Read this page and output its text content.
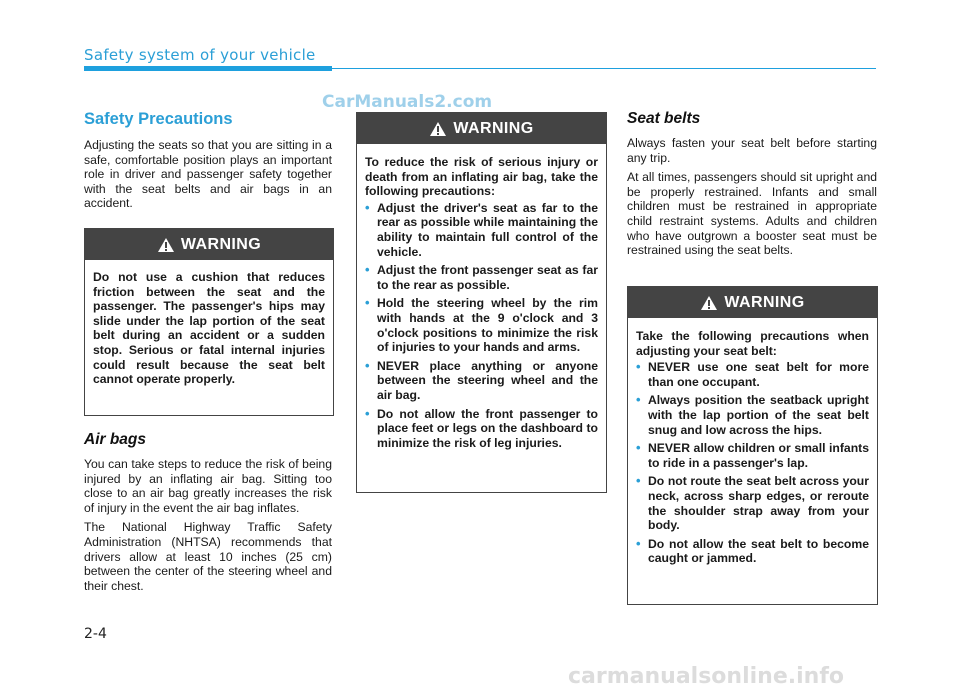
Safety system of your vehicle
CarManuals2.com
Safety Precautions

Adjusting the seats so that you are sitting in a safe, comfortable position plays an important role in driver and passenger safety together with the seat belts and air bags in an accident.

WARNING

Do not use a cushion that reduces friction between the seat and the passenger. The passenger's hips may slide under the lap portion of the seat belt during an accident or a sudden stop. Serious or fatal internal injuries could result because the seat belt cannot operate properly.

Air bags

You can take steps to reduce the risk of being injured by an inflating air bag. Sitting too close to an air bag greatly increases the risk of injury in the event the air bag inflates.

The National Highway Traffic Safety Administration (NHTSA) recommends that drivers allow at least 10 inches (25 cm) between the center of the steering wheel and their chest.

WARNING

To reduce the risk of serious injury or death from an inflating air bag, take the following precautions:

• Adjust the driver's seat as far to the rear as possible while maintaining the ability to maintain full control of the vehicle.
• Adjust the front passenger seat as far to the rear as possible.
• Hold the steering wheel by the rim with hands at the 9 o'clock and 3 o'clock positions to minimize the risk of injuries to your hands and arms.
• NEVER place anything or anyone between the steering wheel and the air bag.
• Do not allow the front passenger to place feet or legs on the dashboard to minimize the risk of leg injuries.
Seat belts

Always fasten your seat belt before starting any trip.

At all times, passengers should sit upright and be properly restrained. Infants and small children must be restrained in appropriate child restraint systems. Adults and children who have outgrown a booster seat must be restrained using the seat belts.

WARNING

Take the following precautions when adjusting your seat belt:

• NEVER use one seat belt for more than one occupant.
• Always position the seatback upright with the lap portion of the seat belt snug and low across the hips.
• NEVER allow children or small infants to ride in a passenger's lap.
• Do not route the seat belt across your neck, across sharp edges, or reroute the shoulder strap away from your body.
• Do not allow the seat belt to become caught or jammed.
2-4
carmanualsonline.info
